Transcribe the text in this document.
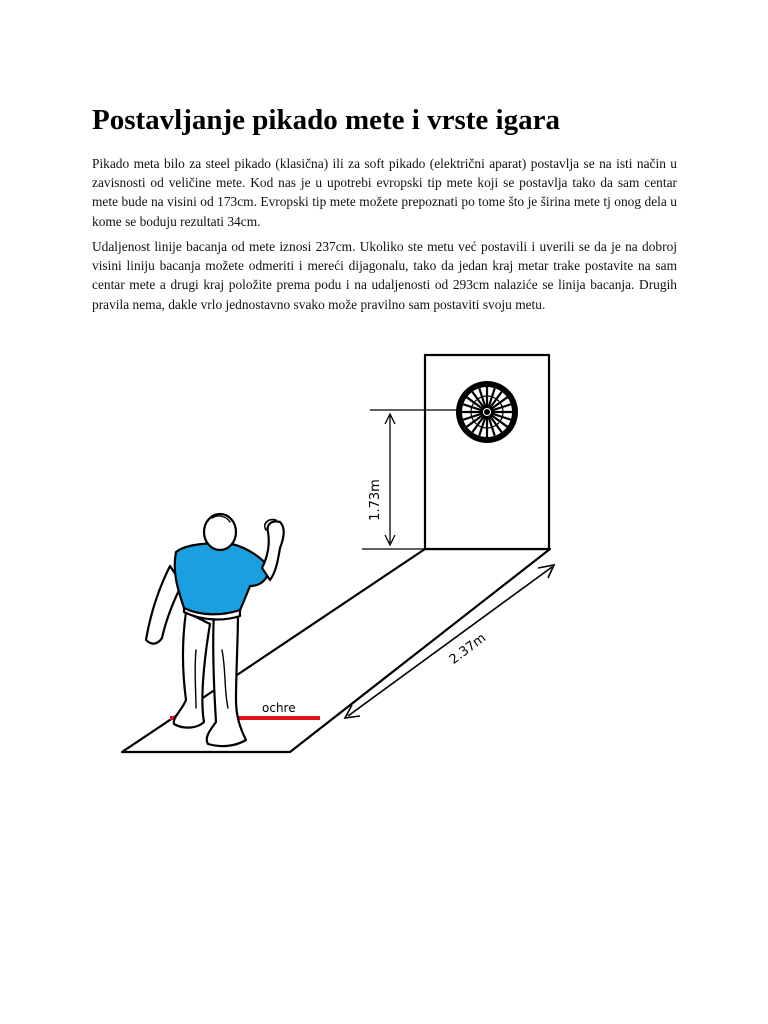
Postavljanje pikado mete i vrste igara

Pikado meta bilo za steel pikado (klasična) ili za soft pikado (električni aparat) postavlja se na isti način u zavisnosti od veličine mete. Kod nas je u upotrebi evropski tip mete koji se postavlja tako da sam centar mete bude na visini od 173cm. Evropski tip mete možete prepoznati po tome što je širina mete tj onog dela u kome se boduju rezultati 34cm.

Udaljenost linije bacanja od mete iznosi 237cm. Ukoliko ste metu već postavili i uverili se da je na dobroj visini liniju bacanja možete odmeriti i mereći dijagonalu, tako da jedan kraj metar trake postavite na sam centar mete a drugi kraj položite prema podu i na udaljenosti od 293cm nalaziće se linija bacanja. Drugih pravila nema, dakle vrlo jednostavno svako može pravilno sam postaviti svoju metu.

1.73m
2.37m
ochre
